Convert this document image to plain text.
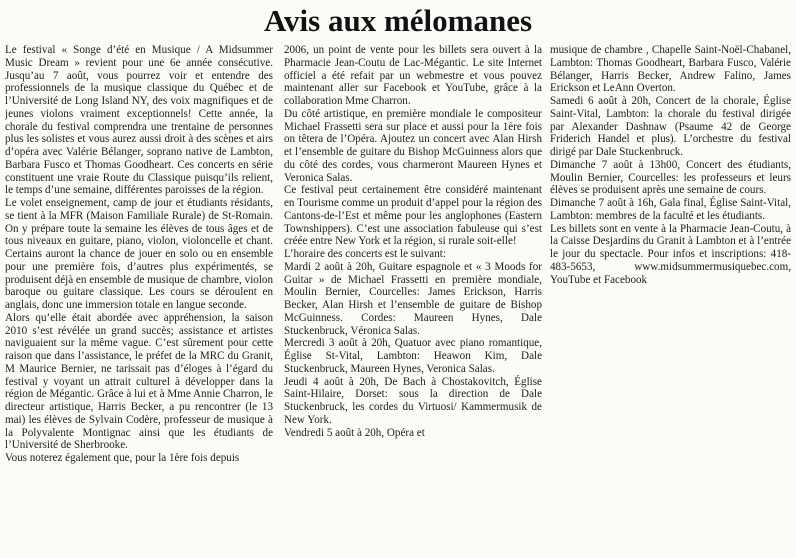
Avis aux mélomanes

Le festival « Songe d’été en Musique / A Midsummer Music Dream » revient pour une 6e année consécutive. Jusqu’au 7 août, vous pourrez voir et entendre des professionnels de la musique classique du Québec et de l’Université de Long Island NY, des voix magnifiques et de jeunes violons vraiment exceptionnels! Cette année, la chorale du festival comprendra une trentaine de personnes plus les solistes et vous aurez aussi droit à des scènes et airs d’opéra avec Valérie Bélanger, soprano native de Lambton, Barbara Fusco et Thomas Goodheart. Ces concerts en série constituent une vraie Route du Classique puisqu’ils relient, le temps d’une semaine, différentes paroisses de la région.

Le volet enseignement, camp de jour et étudiants résidants, se tient à la MFR (Maison Familiale Rurale) de St-Romain. On y prépare toute la semaine les élèves de tous âges et de tous niveaux en guitare, piano, violon, violoncelle et chant. Certains auront la chance de jouer en solo ou en ensemble pour une première fois, d’autres plus expérimentés, se produisent déjà en ensemble de musique de chambre, violon baroque ou guitare classique. Les cours se déroulent en anglais, donc une immersion totale en langue seconde.

Alors qu’elle était abordée avec appréhension, la saison 2010 s’est révélée un grand succès; assistance et artistes naviguaient sur la même vague. C’est sûrement pour cette raison que dans l’assistance, le préfet de la MRC du Granit, M Maurice Bernier, ne tarissait pas d’éloges à l’égard du festival y voyant un attrait culturel à développer dans la région de Mégantic. Grâce à lui et à Mme Annie Charron, le directeur artistique, Harris Becker, a pu rencontrer (le 13 mai) les élèves de Sylvain Codère, professeur de musique à la Polyvalente Montignac ainsi que les étudiants de l’Université de Sherbrooke.

Vous noterez également que, pour la 1ère fois depuis

2006, un point de vente pour les billets sera ouvert à la Pharmacie Jean-Coutu de Lac-Mégantic. Le site Internet officiel a été refait par un webmestre et vous pouvez maintenant aller sur Facebook et YouTube, grâce à la collaboration Mme Charron.

Du côté artistique, en première mondiale le compositeur Michael Frassetti sera sur place et aussi pour la 1ère fois on têtera de l’Opéra. Ajoutez un concert avec Alan Hirsh et l’ensemble de guitare du Bishop McGuinness alors que du côté des cordes, vous charmeront Maureen Hynes et Veronica Salas.

Ce festival peut certainement être considéré maintenant en Tourisme comme un produit d’appel pour la région des Cantons-de-l’Est et même pour les anglophones (Eastern Townshippers). C’est une association fabuleuse qui s’est créée entre New York et la région, si rurale soit-elle!

L’horaire des concerts est le suivant:

Mardi 2 août à 20h, Guitare espagnole et « 3 Moods for Guitar » de Michael Frassetti en première mondiale, Moulin Bernier, Courcelles: James Erickson, Harris Becker, Alan Hirsh et l’ensemble de guitare de Bishop McGuinness. Cordes: Maureen Hynes, Dale Stuckenbruck, Véronica Salas.

Mercredi 3 août à 20h, Quatuor avec piano romantique, Église St-Vital, Lambton: Heawon Kim, Dale Stuckenbruck, Maureen Hynes, Veronica Salas.

Jeudi 4 août à 20h, De Bach à Chostakovitch, Église Saint-Hilaire, Dorset: sous la direction de Dale Stuckenbruck, les cordes du Virtuosi/ Kammermusik de New York.

Vendredi 5 août à 20h, Opéra et

musique de chambre , Chapelle Saint-Noël-Chabanel, Lambton: Thomas Goodheart, Barbara Fusco, Valérie Bélanger, Harris Becker, Andrew Falino, James Erickson et LeAnn Overton.

Samedi 6 août à 20h, Concert de la chorale, Église Saint-Vital, Lambton: la chorale du festival dirigée par Alexander Dashnaw (Psaume 42 de George Friderich Handel et plus). L’orchestre du festival dirigé par Dale Stuckenbruck.

Dimanche 7 août à 13h00, Concert des étudiants, Moulin Bernier, Courcelles: les professeurs et leurs élèves se produisent après une semaine de cours.

Dimanche 7 août à 16h, Gala final, Église Saint-Vital, Lambton: membres de la faculté et les étudiants.

Les billets sont en vente à la Pharmacie Jean-Coutu, à la Caisse Desjardins du Granit à Lambton et à l’entrée le jour du spectacle. Pour infos et inscriptions: 418-483-5653, www.midsummermusiquebec.com, YouTube et Facebook
